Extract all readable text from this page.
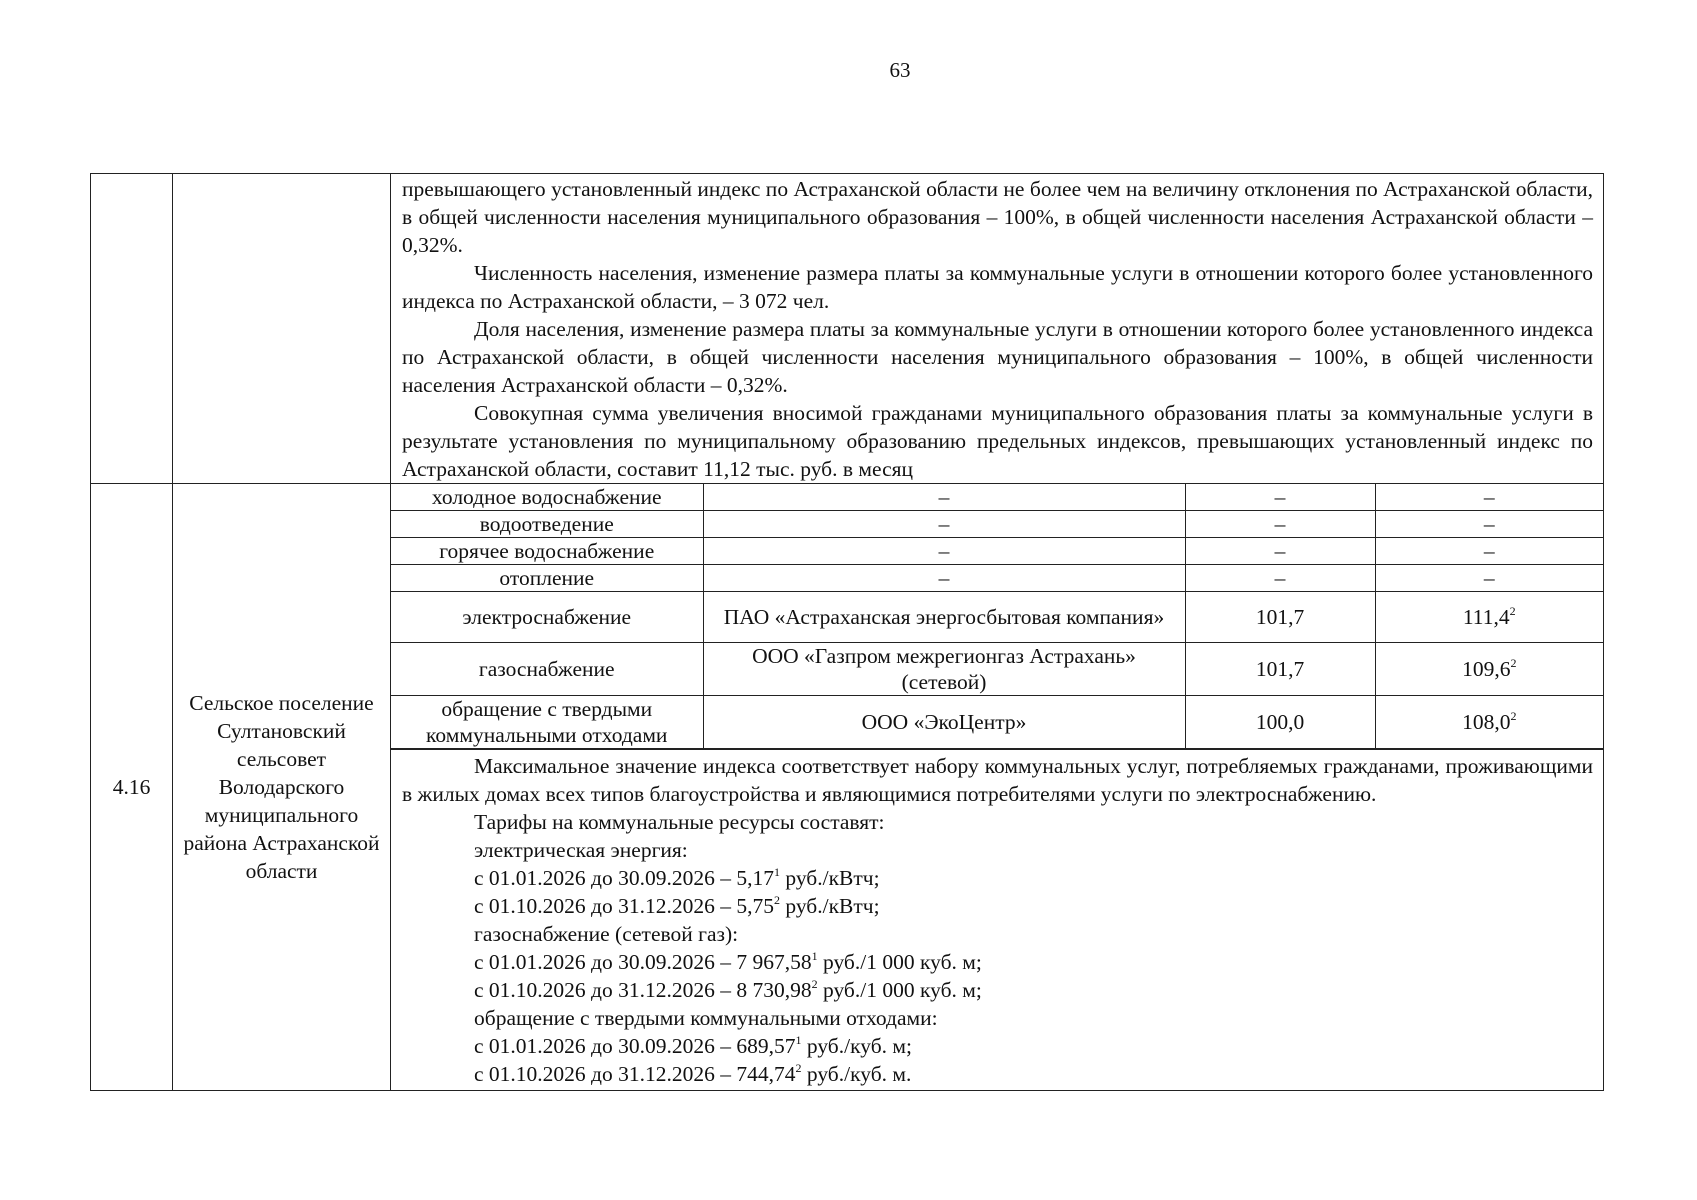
63

превышающего установленный индекс по Астраханской области не более чем на величину отклонения по Астраханской области, в общей численности населения муниципального образования – 100%, в общей численности населения Астраханской области – 0,32%.

Численность населения, изменение размера платы за коммунальные услуги в отношении которого более установленного индекса по Астраханской области, – 3 072 чел.

Доля населения, изменение размера платы за коммунальные услуги в отношении которого более установленного индекса по Астраханской области, в общей численности населения муниципального образования – 100%, в общей численности населения Астраханской области – 0,32%.

Совокупная сумма увеличения вносимой гражданами муниципального образования платы за коммунальные услуги в результате установления по муниципальному образованию предельных индексов, превышающих установленный индекс по Астраханской области, составит 11,12 тыс. руб. в месяц

4.16	Сельское поселение Султановский сельсовет Володарского муниципального района Астраханской области	
холодное водоснабжение	–	–	–
водоотведение	–	–	–
горячее водоснабжение	–	–	–
отопление	–	–	–
электроснабжение	ПАО «Астраханская энергосбытовая компания»	101,7	111,4$^2$
газоснабжение	ООО «Газпром межрегионгаз Астрахань» (сетевой)	101,7	109,6$^2$
обращение с твердыми коммунальными отходами	ООО «ЭкоЦентр»	100,0	108,0$^2$

Максимальное значение индекса соответствует набору коммунальных услуг, потребляемых гражданами, проживающими в жилых домах всех типов благоустройства и являющимися потребителями услуги по электроснабжению.

Тарифы на коммунальные ресурсы составят:

электрическая энергия:

с 01.01.2026 до 30.09.2026 – 5,17$^1$ руб./кВтч;

с 01.10.2026 до 31.12.2026 – 5,75$^2$ руб./кВтч;

газоснабжение (сетевой газ):

с 01.01.2026 до 30.09.2026 – 7 967,58$^1$ руб./1 000 куб. м;

с 01.10.2026 до 31.12.2026 – 8 730,98$^2$ руб./1 000 куб. м;

обращение с твердыми коммунальными отходами:

с 01.01.2026 до 30.09.2026 – 689,57$^1$ руб./куб. м;

с 01.10.2026 до 31.12.2026 – 744,74$^2$ руб./куб. м.
